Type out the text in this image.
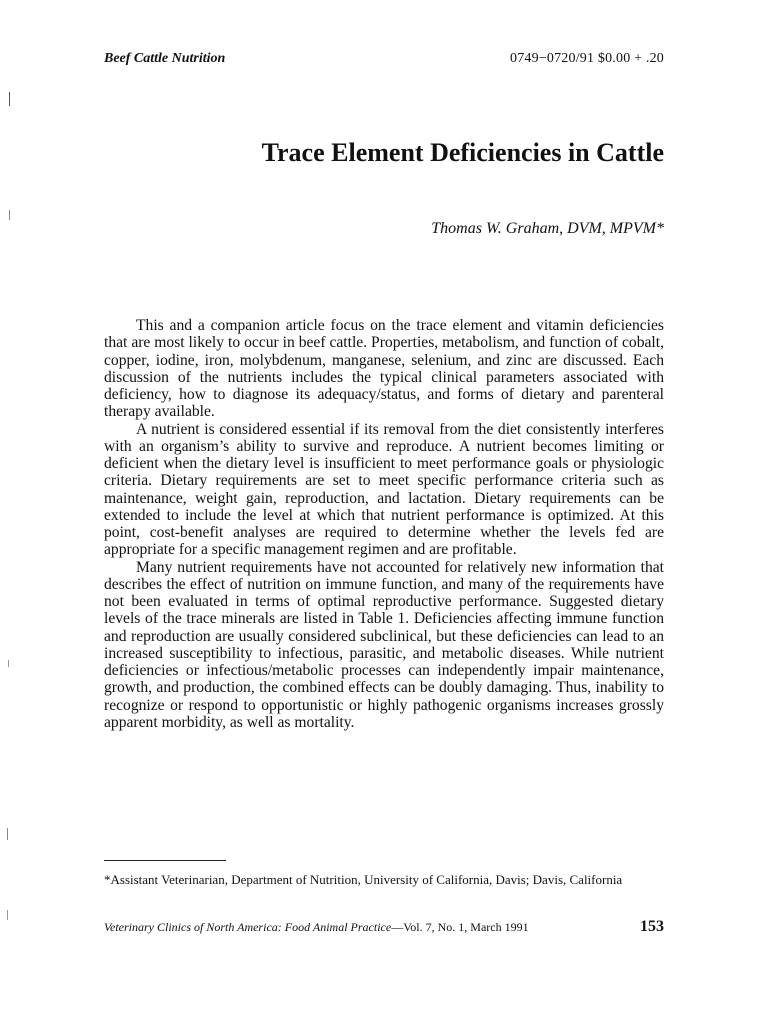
Beef Cattle Nutrition	0749−0720/91 $0.00 + .20
Trace Element Deficiencies in Cattle
Thomas W. Graham, DVM, MPVM*

This and a companion article focus on the trace element and vitamin deficiencies that are most likely to occur in beef cattle. Properties, metabolism, and function of cobalt, copper, iodine, iron, molybdenum, manganese, selenium, and zinc are discussed. Each discussion of the nutrients includes the typical clinical parameters associated with deficiency, how to diagnose its adequacy/status, and forms of dietary and parenteral therapy available.

A nutrient is considered essential if its removal from the diet consistently interferes with an organism’s ability to survive and reproduce. A nutrient becomes limiting or deficient when the dietary level is insufficient to meet performance goals or physiologic criteria. Dietary requirements are set to meet specific performance criteria such as maintenance, weight gain, reproduction, and lactation. Dietary requirements can be extended to include the level at which that nutrient performance is optimized. At this point, cost-benefit analyses are required to determine whether the levels fed are appropriate for a specific management regimen and are profitable.

Many nutrient requirements have not accounted for relatively new information that describes the effect of nutrition on immune function, and many of the requirements have not been evaluated in terms of optimal reproductive performance. Suggested dietary levels of the trace minerals are listed in Table 1. Deficiencies affecting immune function and reproduction are usually considered subclinical, but these deficiencies can lead to an increased susceptibility to infectious, parasitic, and metabolic diseases. While nutrient deficiencies or infectious/metabolic processes can independently impair maintenance, growth, and production, the combined effects can be doubly damaging. Thus, inability to recognize or respond to opportunistic or highly pathogenic organisms increases grossly apparent morbidity, as well as mortality.

*Assistant Veterinarian, Department of Nutrition, University of California, Davis; Davis, California
Veterinary Clinics of North America: Food Animal Practice—Vol. 7, No. 1, March 1991	153
